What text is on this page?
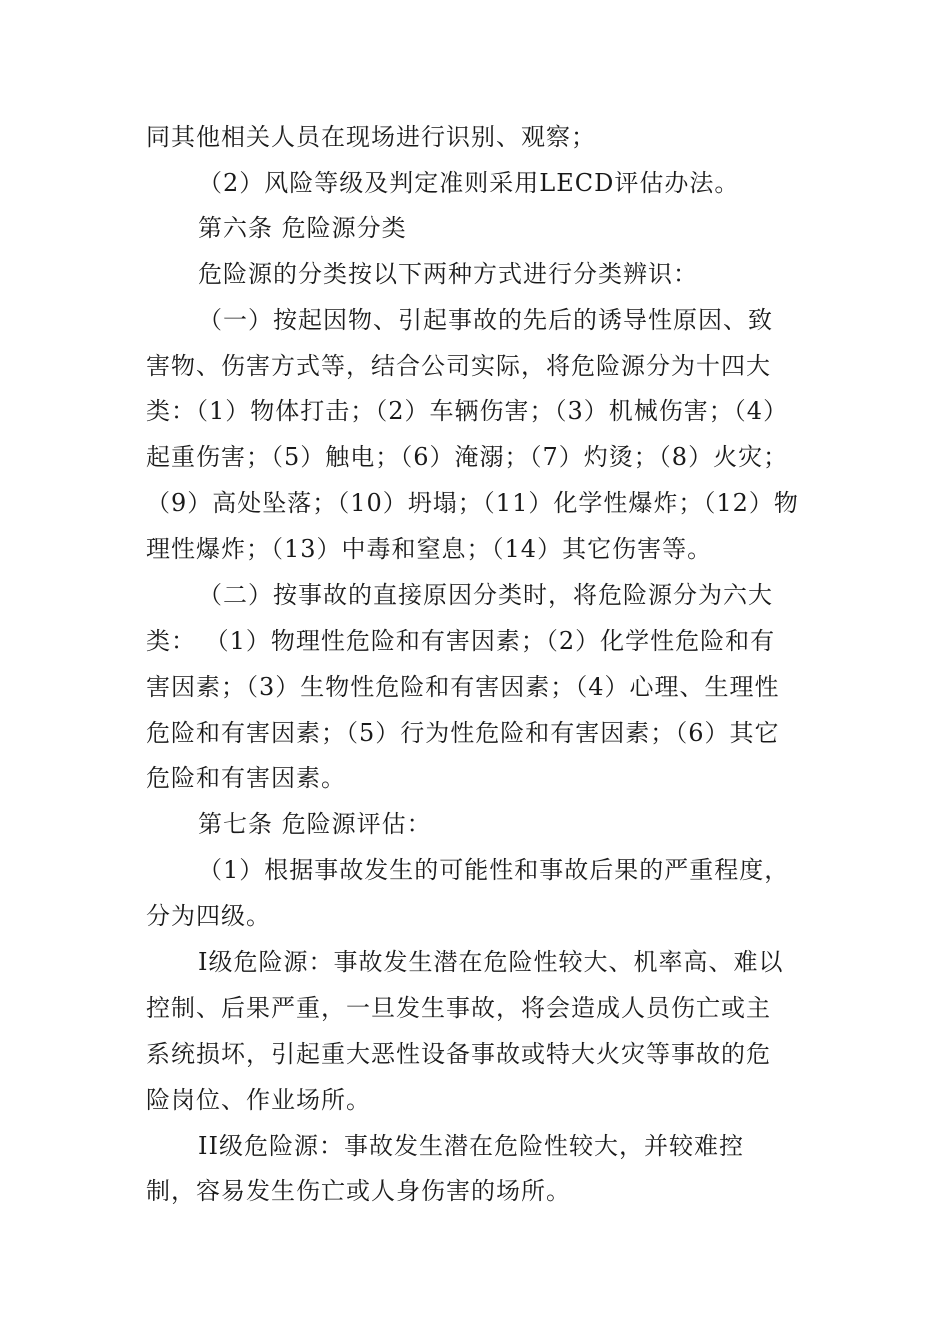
同其他相关人员在现场进行识别、观察；
（2）风险等级及判定准则采用LECD评估办法。
第六条 危险源分类
危险源的分类按以下两种方式进行分类辨识：
（一）按起因物、引起事故的先后的诱导性原因、致
害物、伤害方式等，结合公司实际，将危险源分为十四大
类：（1）物体打击；（2）车辆伤害；（3）机械伤害；（4）
起重伤害；（5）触电；（6）淹溺；（7）灼烫；（8）火灾；
（9）高处坠落；（10）坍塌；（11）化学性爆炸；（12）物
理性爆炸；（13）中毒和窒息；（14）其它伤害等。
（二）按事故的直接原因分类时，将危险源分为六大
类： （1）物理性危险和有害因素；（2）化学性危险和有
害因素；（3）生物性危险和有害因素；（4）心理、生理性
危险和有害因素；（5）行为性危险和有害因素；（6）其它
危险和有害因素。
第七条 危险源评估：
（1）根据事故发生的可能性和事故后果的严重程度，
分为四级。
I级危险源：事故发生潜在危险性较大、机率高、难以
控制、后果严重，一旦发生事故，将会造成人员伤亡或主
系统损坏，引起重大恶性设备事故或特大火灾等事故的危
险岗位、作业场所。
II级危险源：事故发生潜在危险性较大，并较难控
制，容易发生伤亡或人身伤害的场所。
